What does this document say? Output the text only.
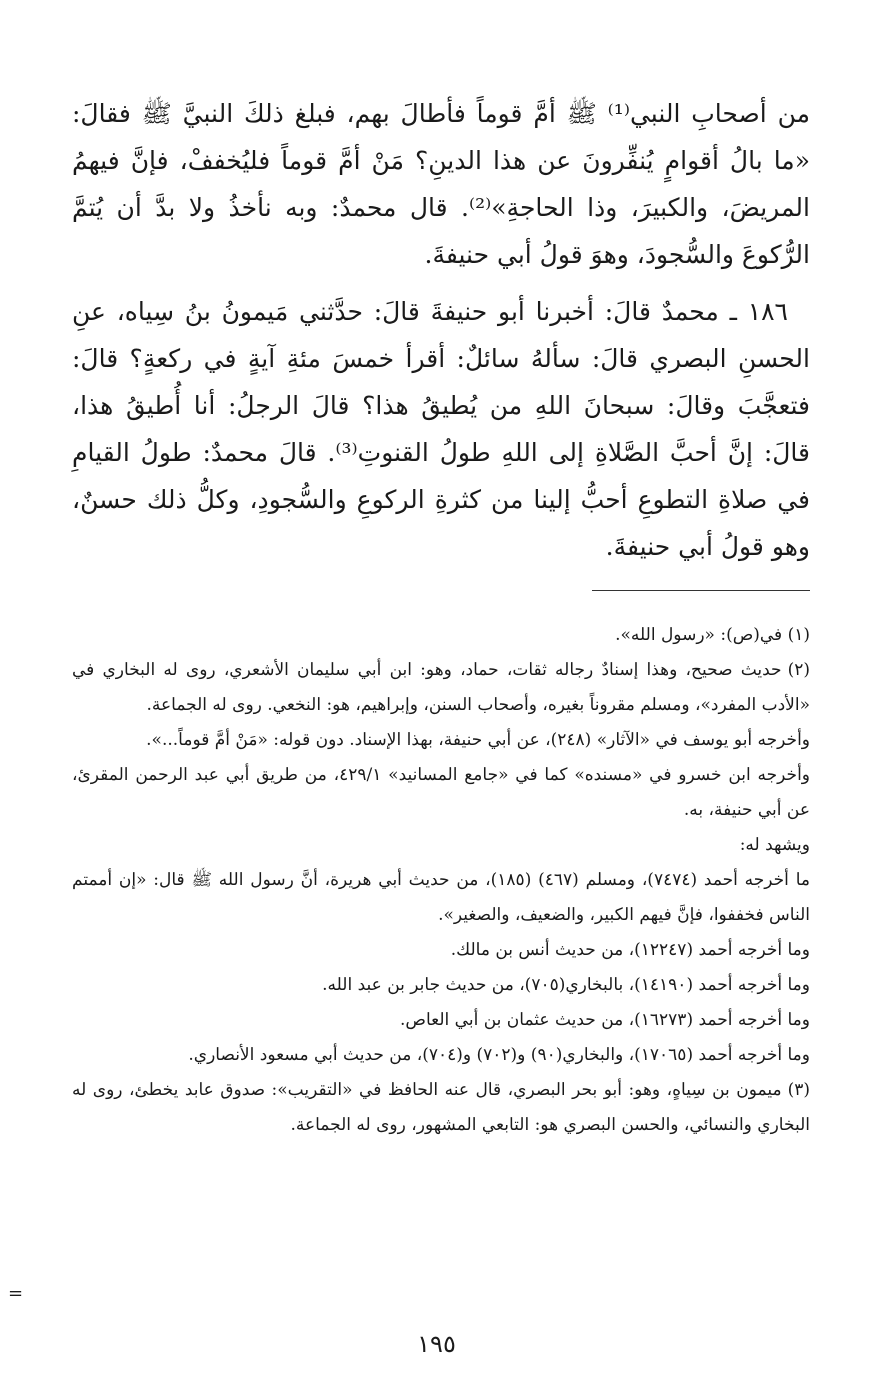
من أصحابِ النبي⁽¹⁾ ﷺ أمَّ قوماً فأطالَ بهم، فبلغ ذلكَ النبيَّ ﷺ فقالَ: «ما بالُ أقوامٍ يُنفِّرونَ عن هذا الدينِ؟ مَنْ أمَّ قوماً فليُخففْ، فإنَّ فيهمُ المريضَ، والكبيرَ، وذا الحاجةِ»⁽²⁾. قال محمدٌ: وبه نأخذُ ولا بدَّ أن يُتمَّ الرُّكوعَ والسُّجودَ، وهوَ قولُ أبي حنيفةَ.

١٨٦ ـ محمدٌ قالَ: أخبرنا أبو حنيفةَ قالَ: حدَّثني مَيمونُ بنُ سِياه، عنِ الحسنِ البصري قالَ: سألهُ سائلٌ: أقرأ خمسَ مئةِ آيةٍ في ركعةٍ؟ قالَ: فتعجَّبَ وقالَ: سبحانَ اللهِ من يُطيقُ هذا؟ قالَ الرجلُ: أنا أُطيقُ هذا، قالَ: إنَّ أحبَّ الصَّلاةِ إلى اللهِ طولُ القنوتِ⁽³⁾. قالَ محمدٌ: طولُ القيامِ في صلاةِ التطوعِ أحبُّ إلينا من كثرةِ الركوعِ والسُّجودِ، وكلُّ ذلك حسنٌ، وهو قولُ أبي حنيفةَ.

(١) في(ص): «رسول الله».
(٢)حديث صحيح، وهذا إسنادٌ رجاله ثقات، حماد، وهو: ابن أبي سليمان الأشعري، روى له البخاري في «الأدب المفرد»، ومسلم مقروناً بغيره، وأصحاب السنن، وإبراهيم، هو: النخعي. روى له الجماعة.
وأخرجه أبو يوسف في «الآثار» (٢٤٨)، عن أبي حنيفة، بهذا الإسناد. دون قوله: «مَنْ أمَّ قوماً...».
وأخرجه ابن خسرو في «مسنده» كما في «جامع المسانيد» ٤٢٩/١، من طريق أبي عبد الرحمن المقرئ، عن أبي حنيفة، به.
ويشهد له:
ما أخرجه أحمد (٧٤٧٤)، ومسلم (٤٦٧) (١٨٥)، من حديث أبي هريرة، أنَّ رسول الله ﷺ قال: «إن أممتم الناس فخففوا، فإنَّ فيهم الكبير، والضعيف، والصغير».
وما أخرجه أحمد (١٢٢٤٧)، من حديث أنس بن مالك.
وما أخرجه أحمد (١٤١٩٠)، بالبخاري(٧٠٥)، من حديث جابر بن عبد الله.
وما أخرجه أحمد (١٦٢٧٣)، من حديث عثمان بن أبي العاص.
وما أخرجه أحمد (١٧٠٦٥)، والبخاري(٩٠) و(٧٠٢) و(٧٠٤)، من حديث أبي مسعود الأنصاري.
(٣)ميمون بن سِياهٍ، وهو: أبو بحر البصري، قال عنه الحافظ في «التقريب»: صدوق عابد يخطئ، روى له البخاري والنسائي، والحسن البصري هو: التابعي المشهور، روى له الجماعة.
=
١٩٥
